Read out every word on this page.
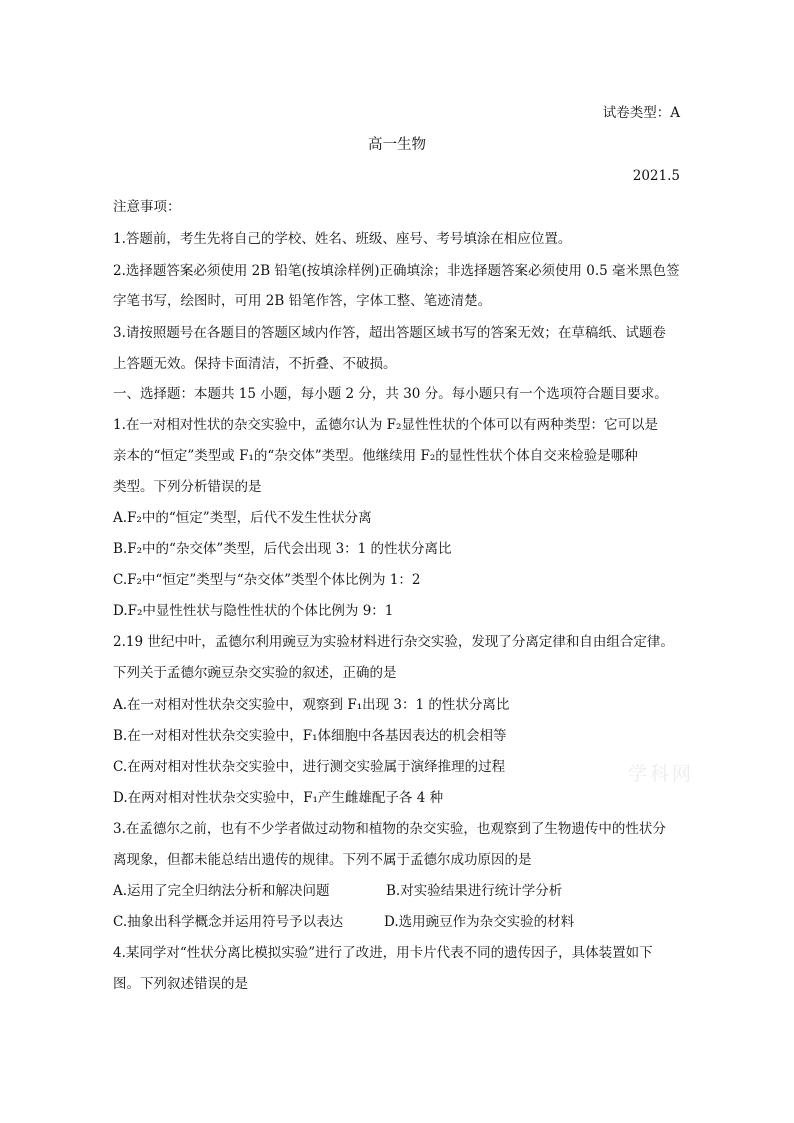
试卷类型：A
高一生物
2021.5
注意事项：
1.答题前，考生先将自己的学校、姓名、班级、座号、考号填涂在相应位置。
2.选择题答案必须使用 2B 铅笔(按填涂样例)正确填涂；非选择题答案必须使用 0.5 毫米黑色签
字笔书写，绘图时，可用 2B 铅笔作答，字体工整、笔迹清楚。
3.请按照题号在各题目的答题区域内作答，超出答题区域书写的答案无效；在草稿纸、试题卷
上答题无效。保持卡面清洁，不折叠、不破损。
一、选择题：本题共 15 小题，每小题 2 分，共 30 分。每小题只有一个选项符合题目要求。
1.在一对相对性状的杂交实验中，孟德尔认为 F₂显性性状的个体可以有两种类型：它可以是
亲本的“恒定”类型或 F₁的“杂交体”类型。他继续用 F₂的显性性状个体自交来检验是哪种
类型。下列分析错误的是
A.F₂中的“恒定”类型，后代不发生性状分离
B.F₂中的“杂交体”类型，后代会出现 3：1 的性状分离比
C.F₂中“恒定”类型与“杂交体”类型个体比例为 1：2
D.F₂中显性性状与隐性性状的个体比例为 9：1
2.19 世纪中叶，孟德尔利用豌豆为实验材料进行杂交实验，发现了分离定律和自由组合定律。
下列关于孟德尔豌豆杂交实验的叙述，正确的是
A.在一对相对性状杂交实验中，观察到 F₁出现 3：1 的性状分离比
B.在一对相对性状杂交实验中，F₁体细胞中各基因表达的机会相等
C.在两对相对性状杂交实验中，进行测交实验属于演绎推理的过程
D.在两对相对性状杂交实验中，F₁产生雌雄配子各 4 种
3.在孟德尔之前，也有不少学者做过动物和植物的杂交实验，也观察到了生物遗传中的性状分
离现象，但都未能总结出遗传的规律。下列不属于孟德尔成功原因的是
A.运用了完全归纳法分析和解决问题	B.对实验结果进行统计学分析
C.抽象出科学概念并运用符号予以表达	D.选用豌豆作为杂交实验的材料
4.某同学对“性状分离比模拟实验”进行了改进，用卡片代表不同的遗传因子，具体装置如下
图。下列叙述错误的是
学科网
